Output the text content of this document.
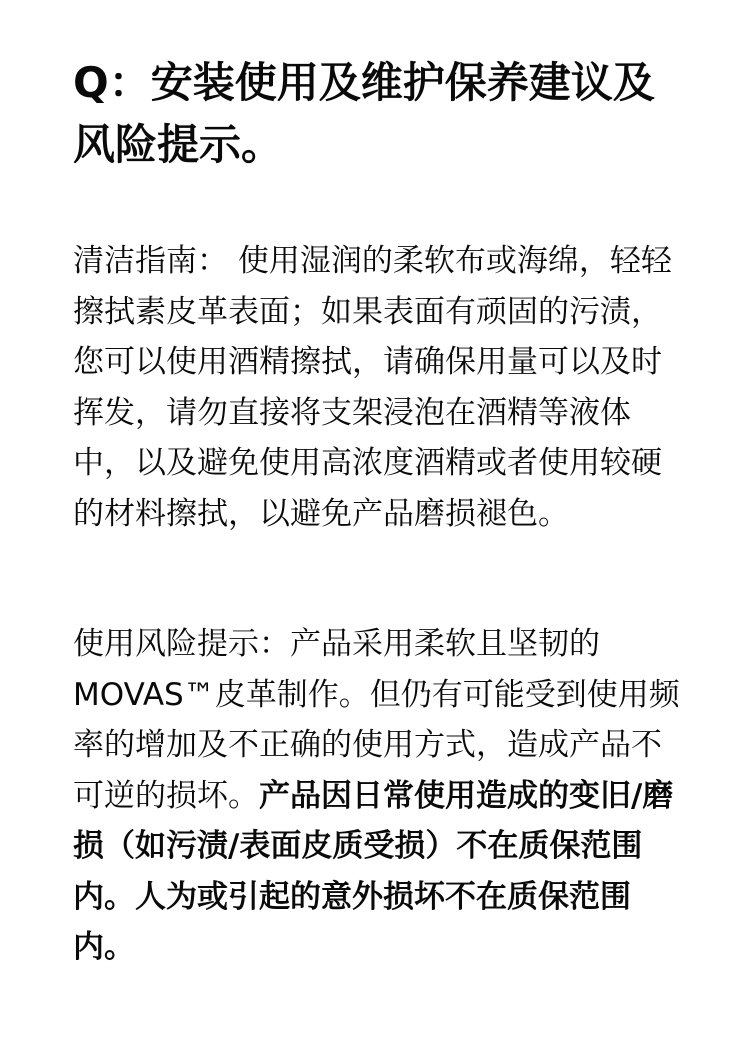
Q：安装使用及维护保养建议及风险提示。

清洁指南： 使用湿润的柔软布或海绵，轻轻擦拭素皮革表面；如果表面有顽固的污渍，您可以使用酒精擦拭，请确保用量可以及时挥发，请勿直接将支架浸泡在酒精等液体中，以及避免使用高浓度酒精或者使用较硬的材料擦拭，以避免产品磨损褪色。

使用风险提示：产品采用柔软且坚韧的MOVAS™皮革制作。但仍有可能受到使用频率的增加及不正确的使用方式，造成产品不可逆的损坏。产品因日常使用造成的变旧/磨损（如污渍/表面皮质受损）不在质保范围内。人为或引起的意外损坏不在质保范围内。
